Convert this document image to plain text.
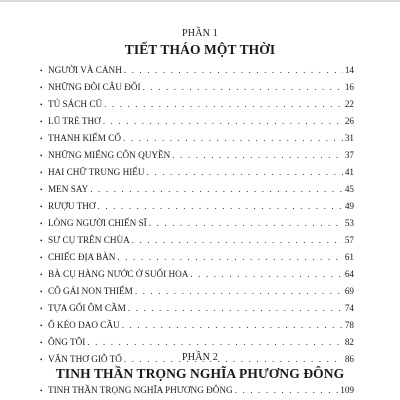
PHẦN 1
TIẾT THÁO MỘT THỜI
• NGƯỜI VÀ CẢNH . . .	14
• NHỮNG ĐÔI CÂU ĐỐI . . .	16
• TỦ SÁCH CŨ . . .	22
• LŨ TRẺ THƠ . . .	26
• THANH KIẾM CỔ . . .	31
• NHỮNG MIẾNG CÔN QUYỀN . . .	37
• HAI CHỮ TRUNG HIẾU . . .	41
• MEN SAY . . .	45
• RƯỢU THƠ . . .	49
• LÒNG NGƯỜI CHIẾN SĨ . . .	53
• SƯ CỤ TRÊN CHÙA . . .	57
• CHIẾC ĐỊA BÀN . . .	61
• BÀ CỤ HÀNG NƯỚC Ở SUỐI HOA . . .	64
• CÔ GÁI NON THIẾM . . .	69
• TỰA GỐI ÔM CẦM . . .	74
• Ô KÉO DAO CẦU . . .	78
• ÔNG TÔI . . .	82
• VĂN THƠ GIỖ TỔ . . .	86
PHẦN 2
TINH THẦN TRỌNG NGHĨA PHƯƠNG ĐÔNG
• TINH THẦN TRỌNG NGHĨA PHƯƠNG ĐÔNG . . .	109
